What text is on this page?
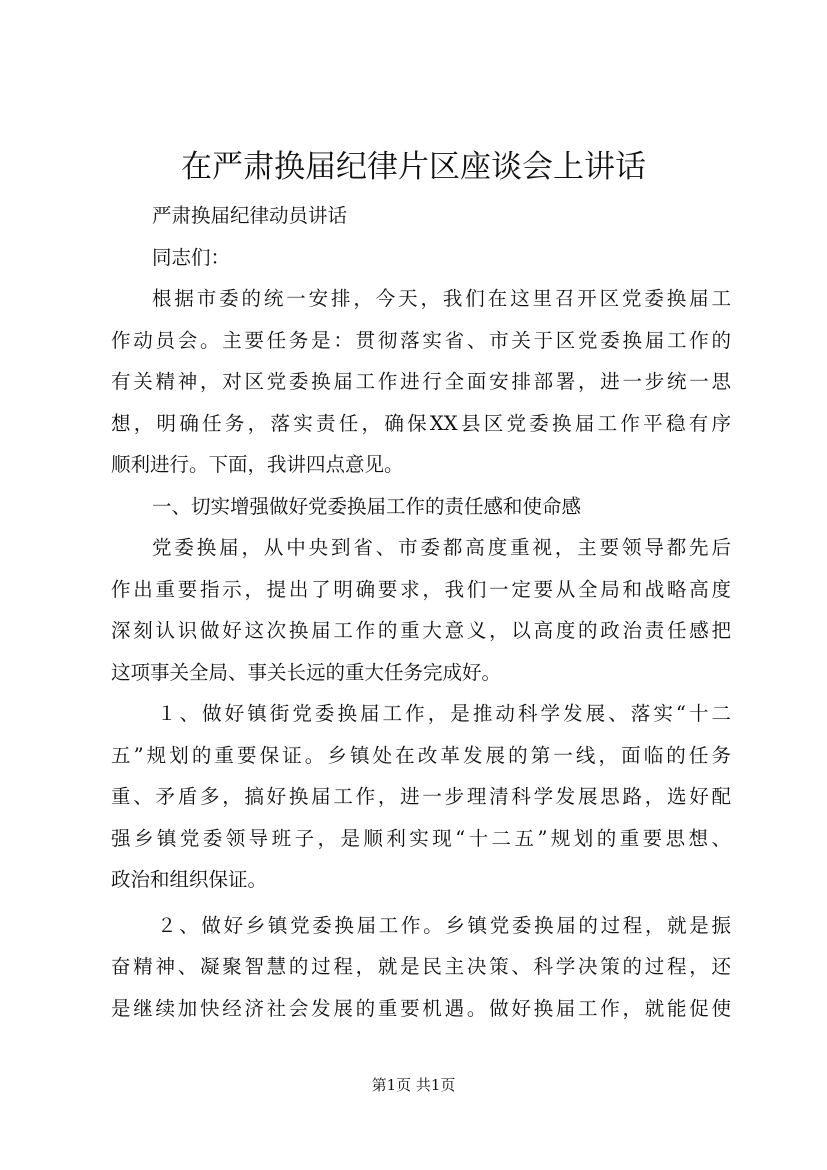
在严肃换届纪律片区座谈会上讲话
严肃换届纪律动员讲话
同志们：
根据市委的统一安排，今天，我们在这里召开区党委换届工
作动员会。主要任务是：贯彻落实省、市关于区党委换届工作的
有关精神，对区党委换届工作进行全面安排部署，进一步统一思
想，明确任务，落实责任，确保XX县区党委换届工作平稳有序
顺利进行。下面，我讲四点意见。
一、切实增强做好党委换届工作的责任感和使命感
党委换届，从中央到省、市委都高度重视，主要领导都先后
作出重要指示，提出了明确要求，我们一定要从全局和战略高度
深刻认识做好这次换届工作的重大意义，以高度的政治责任感把
这项事关全局、事关长远的重大任务完成好。
１、做好镇街党委换届工作，是推动科学发展、落实“十二
五”规划的重要保证。乡镇处在改革发展的第一线，面临的任务
重、矛盾多，搞好换届工作，进一步理清科学发展思路，选好配
强乡镇党委领导班子，是顺利实现“十二五”规划的重要思想、
政治和组织保证。
２、做好乡镇党委换届工作。乡镇党委换届的过程，就是振
奋精神、凝聚智慧的过程，就是民主决策、科学决策的过程，还
是继续加快经济社会发展的重要机遇。做好换届工作，就能促使
第1页 共1页
